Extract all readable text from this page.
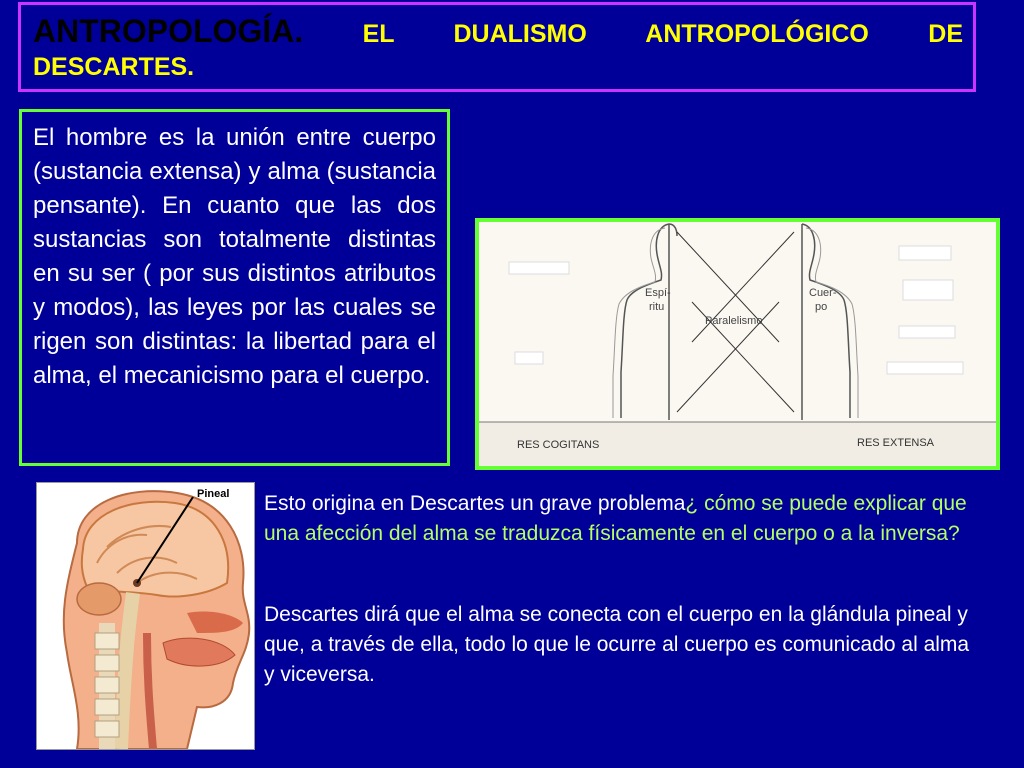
ANTROPOLOGÍA. EL DUALISMO ANTROPOLÓGICO DE
DESCARTES.
El hombre es la unión entre cuerpo (sustancia extensa) y alma (sustancia pensante). En cuanto que las dos sustancias son totalmente distintas en su ser ( por sus distintos atributos y modos), las leyes por las cuales se rigen son distintas: la libertad para el alma, el mecanicismo para el cuerpo.
Espí-
ritu
Cuer-
po
Paralelismo
RES COGITANS	RES EXTENSA
Pineal Esto origina en Descartes un grave problema¿ cómo se puede explicar que una afección del alma se traduzca físicamente en el cuerpo o a la inversa?
Descartes dirá que el alma se conecta con el cuerpo en la glándula pineal y que, a través de ella, todo lo que le ocurre al cuerpo es comunicado al alma y viceversa.
